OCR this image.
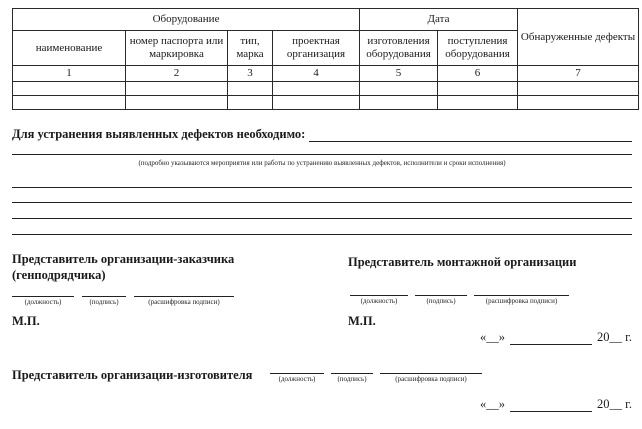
Оборудование				Дата		Обнаруженные дефекты
наименование	номер паспорта или маркировка	тип, марка	проектная организация	изготовления оборудования	поступления оборудования	
1	2	3	4	5	6	7

Для устранения выявленных дефектов необходимо:
(подробно указываются мероприятия или работы по устранению выявленных дефектов, исполнители и сроки исполнения)
Представитель организации-заказчика (генподрядчика)
(должность)	(подпись)	(расшифровка подписи)
М.П.
Представитель монтажной организации
(должность)	(подпись)	(расшифровка подписи)
М.П.
«__»	20__ г.
Представитель организации-изготовителя	(должность)	(подпись)	(расшифровка подписи)
«__»	20__ г.
